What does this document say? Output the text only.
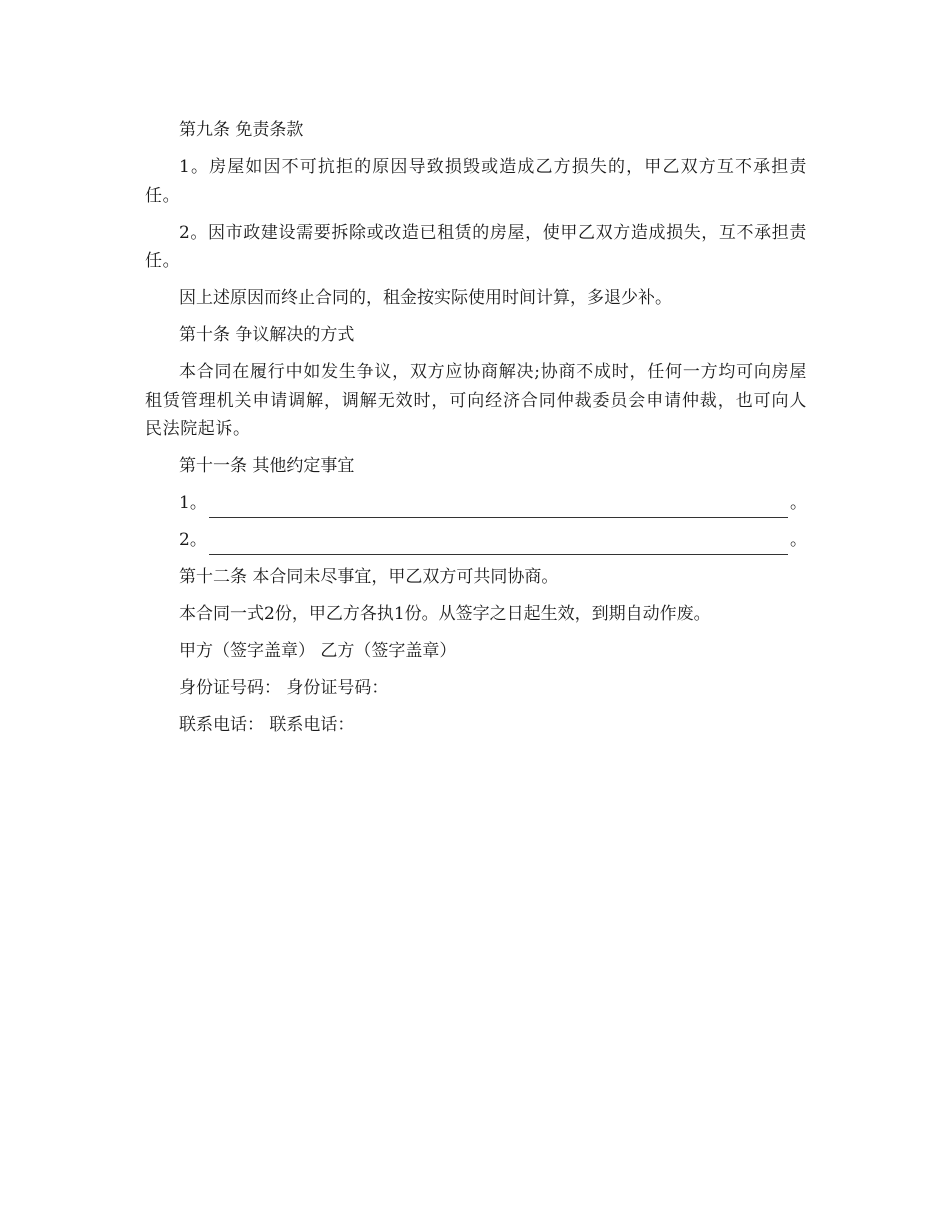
第九条 免责条款

1。房屋如因不可抗拒的原因导致损毁或造成乙方损失的，甲乙双方互不承担责任。

2。因市政建设需要拆除或改造已租赁的房屋，使甲乙双方造成损失，互不承担责任。

因上述原因而终止合同的，租金按实际使用时间计算，多退少补。

第十条 争议解决的方式

本合同在履行中如发生争议，双方应协商解决;协商不成时，任何一方均可向房屋租赁管理机关申请调解，调解无效时，可向经济合同仲裁委员会申请仲裁，也可向人民法院起诉。

第十一条 其他约定事宜

1。	。
2。	。

第十二条 本合同未尽事宜，甲乙双方可共同协商。

本合同一式2份，甲乙方各执1份。从签字之日起生效，到期自动作废。

甲方（签字盖章） 乙方（签字盖章）

身份证号码： 身份证号码：

联系电话： 联系电话：
